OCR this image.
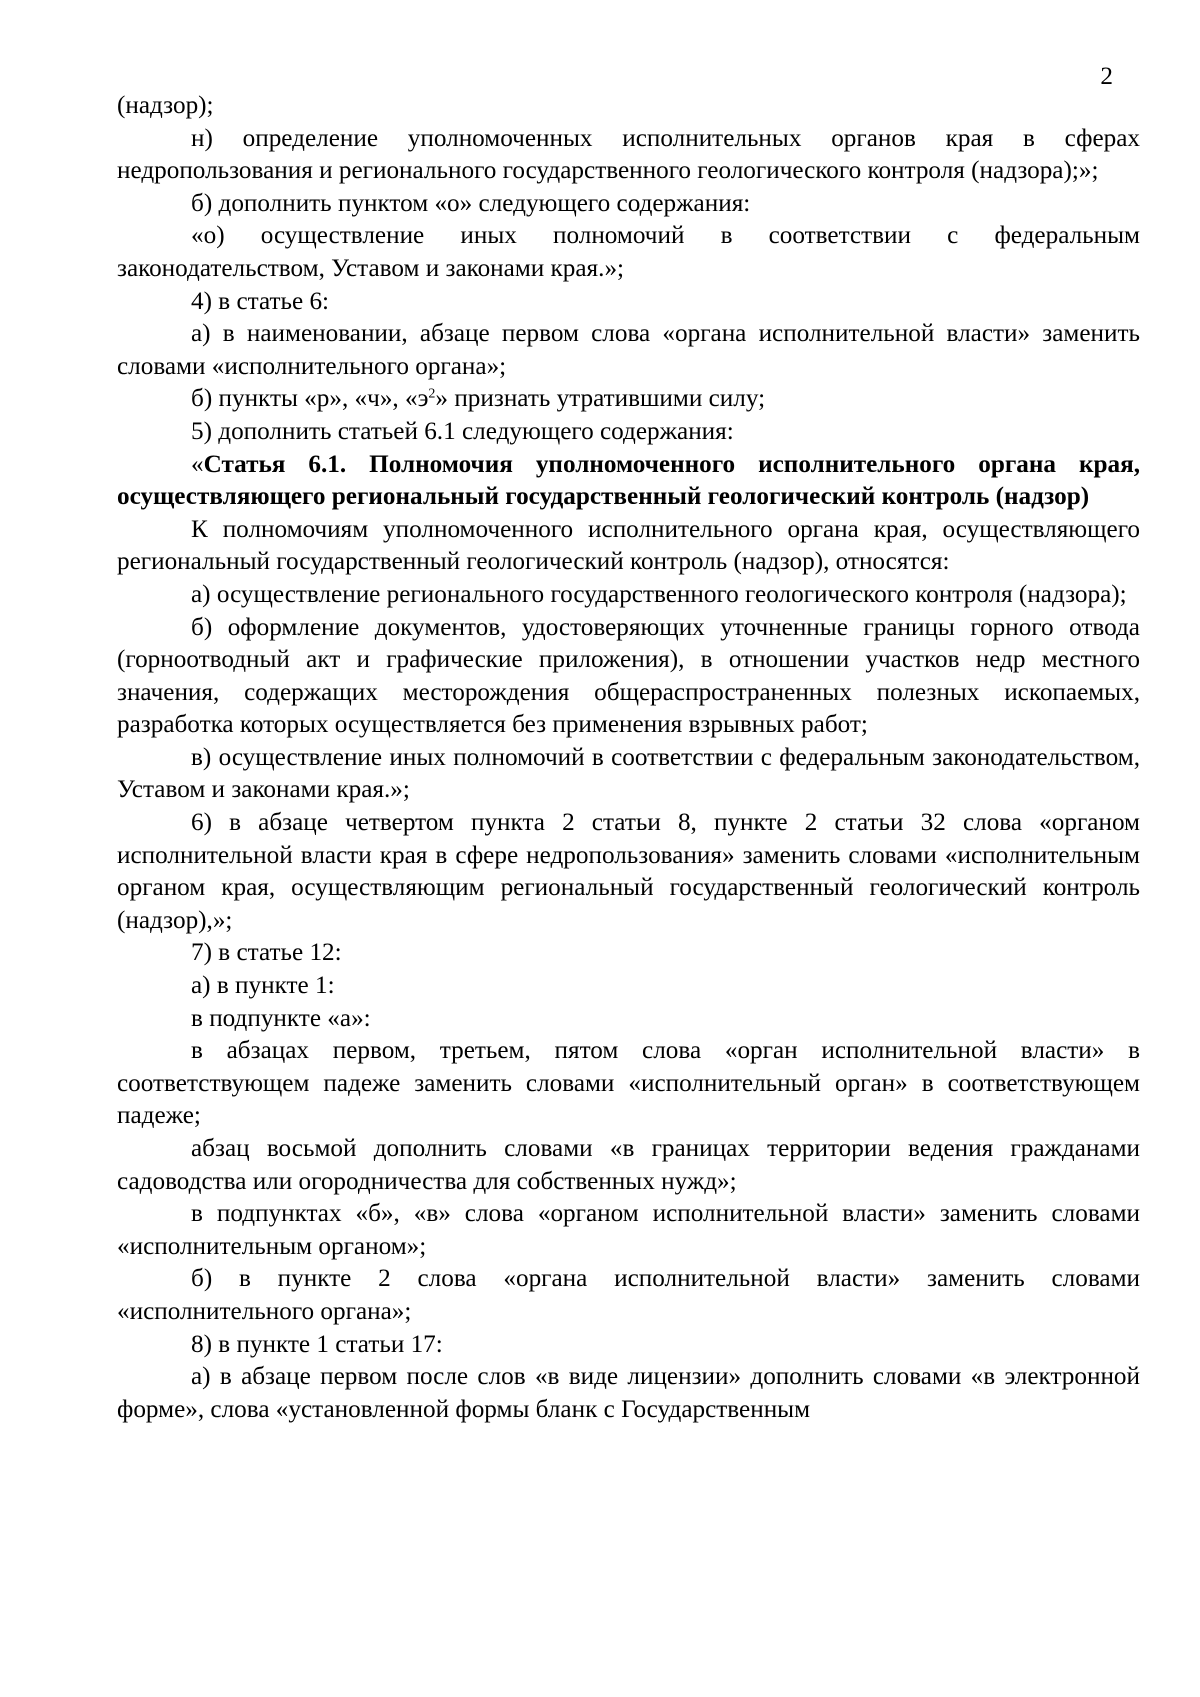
2

(надзор);

н) определение уполномоченных исполнительных органов края в сферах недропользования и регионального государственного геологического контроля (надзора);»;

б) дополнить пунктом «о» следующего содержания:

«о) осуществление иных полномочий в соответствии с федеральным законодательством, Уставом и законами края.»;

4) в статье 6:

а) в наименовании, абзаце первом слова «органа исполнительной власти» заменить словами «исполнительного органа»;

б) пункты «р», «ч», «$э^2$» признать утратившими силу;

5) дополнить статьей 6.1 следующего содержания:

«Статья 6.1. Полномочия уполномоченного исполнительного органа края, осуществляющего региональный государственный геологический контроль (надзор)

К полномочиям уполномоченного исполнительного органа края, осуществляющего региональный государственный геологический контроль (надзор), относятся:

а) осуществление регионального государственного геологического контроля (надзора);

б) оформление документов, удостоверяющих уточненные границы горного отвода (горноотводный акт и графические приложения), в отношении участков недр местного значения, содержащих месторождения общераспространенных полезных ископаемых, разработка которых осуществляется без применения взрывных работ;

в) осуществление иных полномочий в соответствии с федеральным законодательством, Уставом и законами края.»;

6) в абзаце четвертом пункта 2 статьи 8, пункте 2 статьи 32 слова «органом исполнительной власти края в сфере недропользования» заменить словами «исполнительным органом края, осуществляющим региональный государственный геологический контроль (надзор),»;

7) в статье 12:

а) в пункте 1:

в подпункте «а»:

в абзацах первом, третьем, пятом слова «орган исполнительной власти» в соответствующем падеже заменить словами «исполнительный орган» в соответствующем падеже;

абзац восьмой дополнить словами «в границах территории ведения гражданами садоводства или огородничества для собственных нужд»;

в подпунктах «б», «в» слова «органом исполнительной власти» заменить словами «исполнительным органом»;

б) в пункте 2 слова «органа исполнительной власти» заменить словами «исполнительного органа»;

8) в пункте 1 статьи 17:

а) в абзаце первом после слов «в виде лицензии» дополнить словами «в электронной форме», слова «установленной формы бланк с Государственным
